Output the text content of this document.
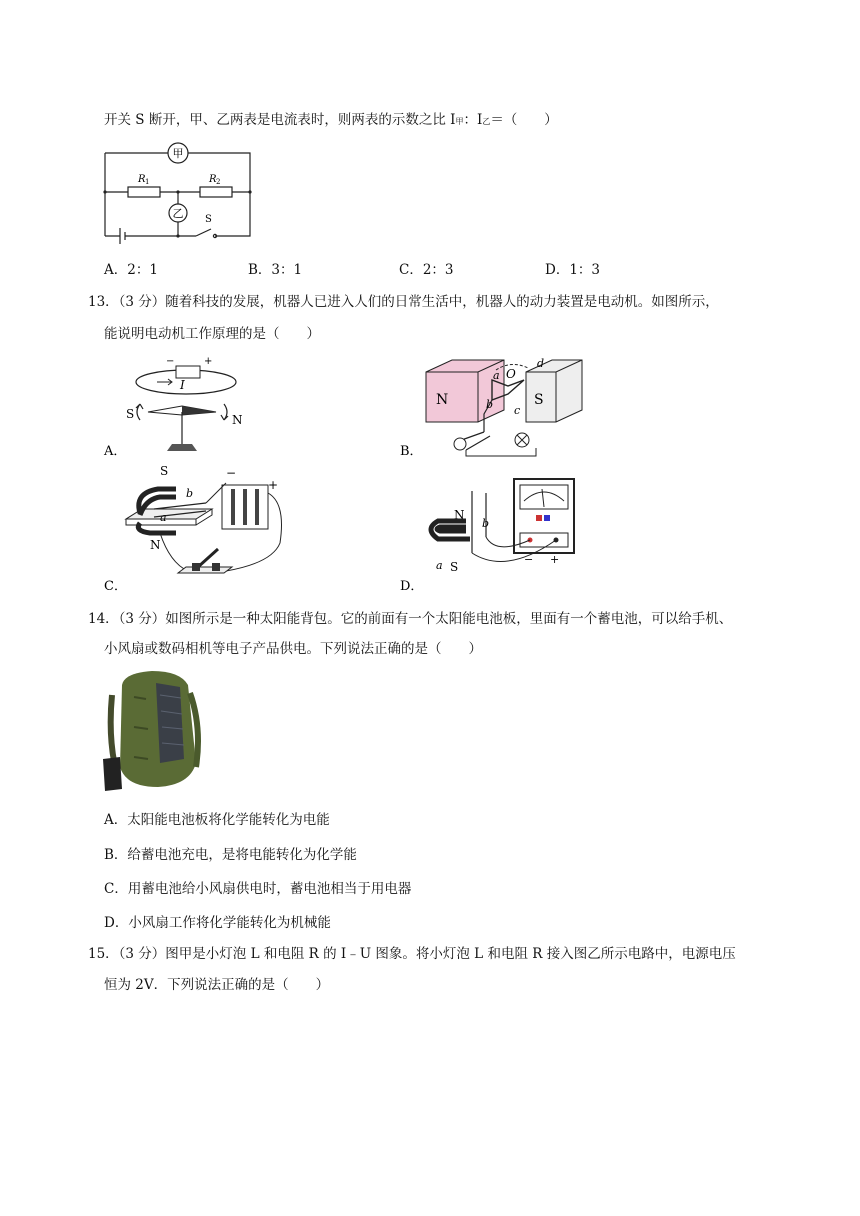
开关 S 断开，甲、乙两表是电流表时，则两表的示数之比 I甲：I乙＝（　　）
甲
乙
R 1	R 2
S
A．2：1	B．3：1	C．2：3	D．1：3
13．（3 分）随着科技的发展，机器人已进入人们的日常生活中，机器人的动力装置是电动机。如图所示，
能说明电动机工作原理的是（　　）
−	+
I
S	N
A．
N	S
a O
d
b c
B．
S
N
b
a
−
+
C．
N
S
b
a	− +
D．
14．（3 分）如图所示是一种太阳能背包。它的前面有一个太阳能电池板，里面有一个蓄电池，可以给手机、
小风扇或数码相机等电子产品供电。下列说法正确的是（　　）
A．太阳能电池板将化学能转化为电能
B．给蓄电池充电，是将电能转化为化学能
C．用蓄电池给小风扇供电时，蓄电池相当于用电器
D．小风扇工作将化学能转化为机械能
15．（3 分）图甲是小灯泡 L 和电阻 R 的 I﹣U 图象。将小灯泡 L 和电阻 R 接入图乙所示电路中，电源电压
恒为 2V．下列说法正确的是（　　）
